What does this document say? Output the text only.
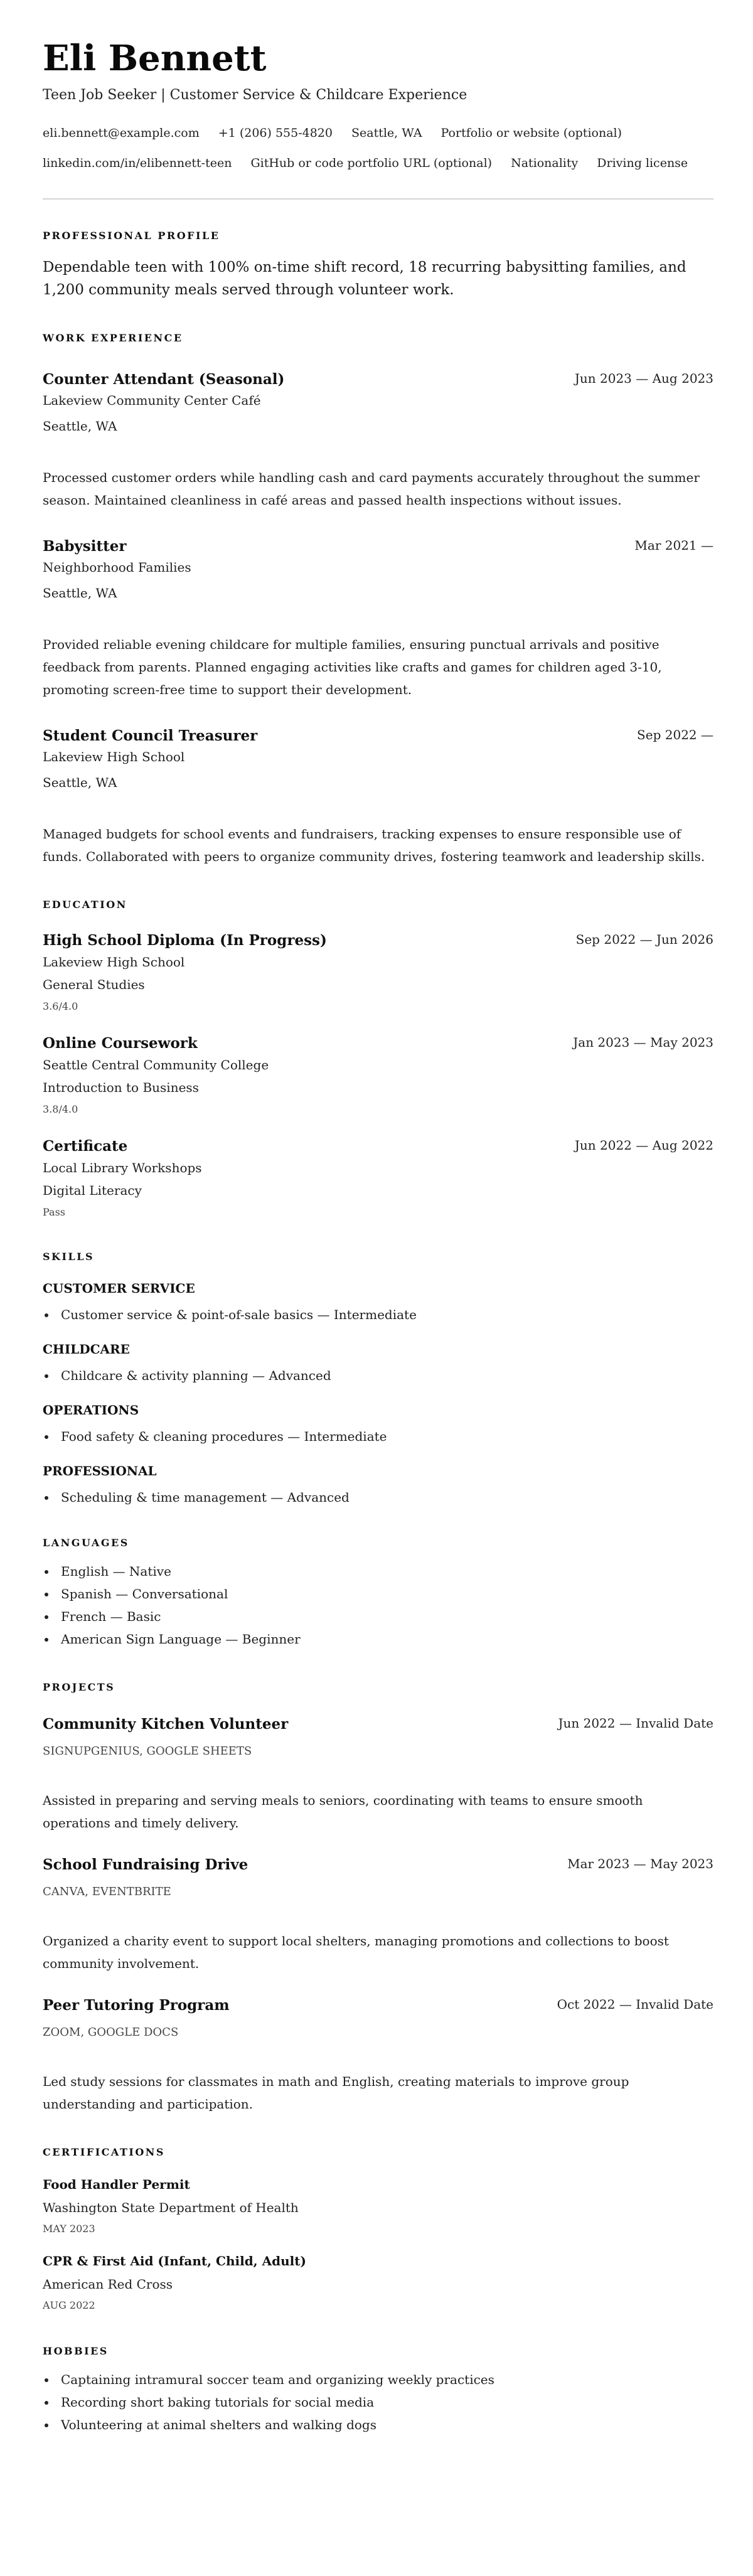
Eli Bennett
Teen Job Seeker | Customer Service & Childcare Experience
eli.bennett@example.com +1 (206) 555-4820 Seattle, WA Portfolio or website (optional)
linkedin.com/in/elibennett-teen GitHub or code portfolio URL (optional) Nationality Driving license
PROFESSIONAL PROFILE
Dependable teen with 100% on-time shift record, 18 recurring babysitting families, and 1,200 community meals served through volunteer work.
WORK EXPERIENCE
Counter Attendant (Seasonal)	Jun 2023 — Aug 2023
Lakeview Community Center Café
Seattle, WA
Processed customer orders while handling cash and card payments accurately throughout the summer season. Maintained cleanliness in café areas and passed health inspections without issues.
Babysitter	Mar 2021 —
Neighborhood Families
Seattle, WA
Provided reliable evening childcare for multiple families, ensuring punctual arrivals and positive feedback from parents. Planned engaging activities like crafts and games for children aged 3-10, promoting screen-free time to support their development.
Student Council Treasurer	Sep 2022 —
Lakeview High School
Seattle, WA
Managed budgets for school events and fundraisers, tracking expenses to ensure responsible use of funds. Collaborated with peers to organize community drives, fostering teamwork and leadership skills.
EDUCATION
High School Diploma (In Progress)	Sep 2022 — Jun 2026
Lakeview High School
General Studies
3.6/4.0
Online Coursework	Jan 2023 — May 2023
Seattle Central Community College
Introduction to Business
3.8/4.0
Certificate	Jun 2022 — Aug 2022
Local Library Workshops
Digital Literacy
Pass
SKILLS
CUSTOMER SERVICE
Customer service & point-of-sale basics — Intermediate
CHILDCARE
Childcare & activity planning — Advanced
OPERATIONS
Food safety & cleaning procedures — Intermediate
PROFESSIONAL
Scheduling & time management — Advanced
LANGUAGES
English — Native
Spanish — Conversational
French — Basic
American Sign Language — Beginner
PROJECTS
Community Kitchen Volunteer	Jun 2022 — Invalid Date
SIGNUPGENIUS, GOOGLE SHEETS
Assisted in preparing and serving meals to seniors, coordinating with teams to ensure smooth operations and timely delivery.
School Fundraising Drive	Mar 2023 — May 2023
CANVA, EVENTBRITE
Organized a charity event to support local shelters, managing promotions and collections to boost community involvement.
Peer Tutoring Program	Oct 2022 — Invalid Date
ZOOM, GOOGLE DOCS
Led study sessions for classmates in math and English, creating materials to improve group understanding and participation.
CERTIFICATIONS
Food Handler Permit
Washington State Department of Health
MAY 2023
CPR & First Aid (Infant, Child, Adult)
American Red Cross
AUG 2022
HOBBIES
Captaining intramural soccer team and organizing weekly practices
Recording short baking tutorials for social media
Volunteering at animal shelters and walking dogs
